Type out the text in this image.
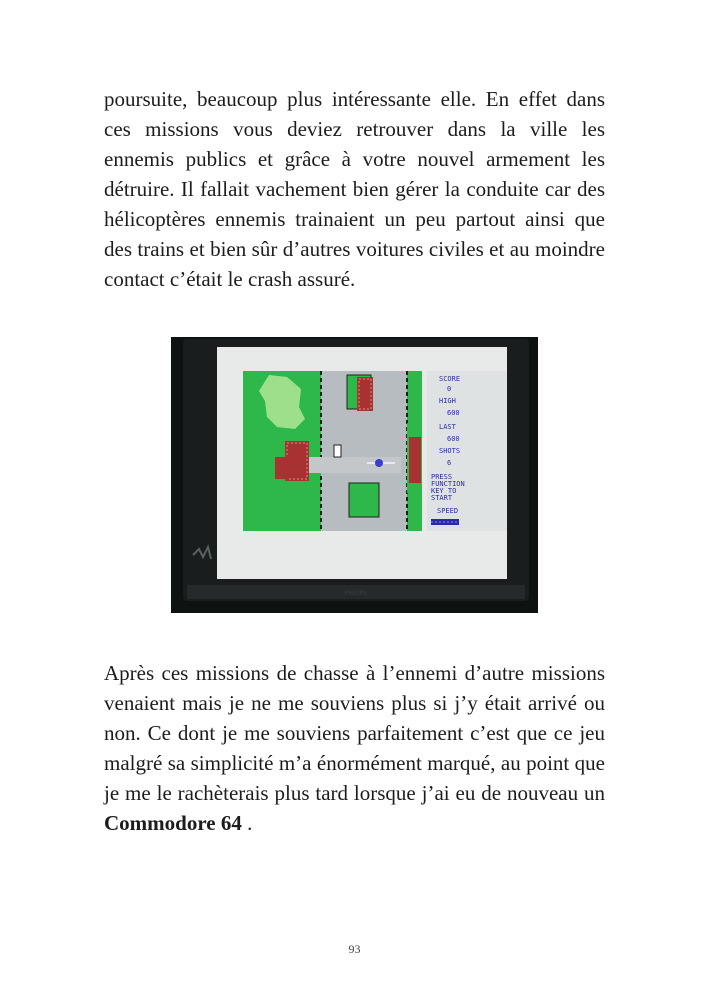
poursuite, beaucoup plus intéressante elle. En effet dans ces missions vous deviez retrouver dans la ville les ennemis publics et grâce à votre nouvel armement les détruire. Il fallait vachement bien gérer la conduite car des hélicoptères ennemis trainaient un peu partout ainsi que des trains et bien sûr d’autres voitures civiles et au moindre contact c’était le crash assuré.

PHILIPS
SCORE
0
HIGH
600
LAST
600
SHOTS
6
PRESS
FUNCTION
KEY TO
START
SPEED

Après ces missions de chasse à l’ennemi d’autre missions venaient mais je ne me souviens plus si j’y était arrivé ou non. Ce dont je me souviens parfaitement c’est que ce jeu malgré sa simplicité m’a énormément marqué, au point que je me le rachèterais plus tard lorsque j’ai eu de nouveau un Commodore 64 .

93
